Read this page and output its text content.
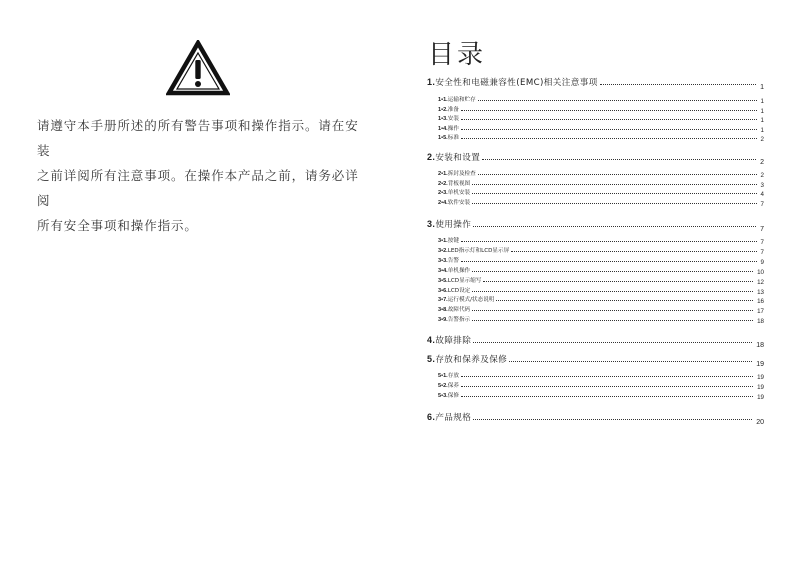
请遵守本手册所述的所有警告事项和操作指示。请在安装

之前详阅所有注意事项。在操作本产品之前，请务必详阅

所有安全事项和操作指示。

目录
1.安全性和电磁兼容性(EMC)相关注意事项	1
1•1.运输和贮存	1
1•2.准备	1
1•3.安装	1
1•4.操作	1
1•5.标准	2
2.安装和设置	2
2•1.拆封及检查	2
2•2.背板视图	3
2•3.单机安装	4
2•4.软件安装	7
3.使用操作	7
3•1.按键	7
3•2.LED指示灯和LCD显示屏	7
3•3.告警	9
3•4.单机操作	10
3•5.LCD显示缩写	12
3•6.LCD设定	13
3•7.运行模式/状态说明	16
3•8.故障代码	17
3•9.告警指示	18
4.故障排除	18
5.存放和保养及保修	19
5•1.存放	19
5•2.保养	19
5•3.保修	19
6.产品规格	20
